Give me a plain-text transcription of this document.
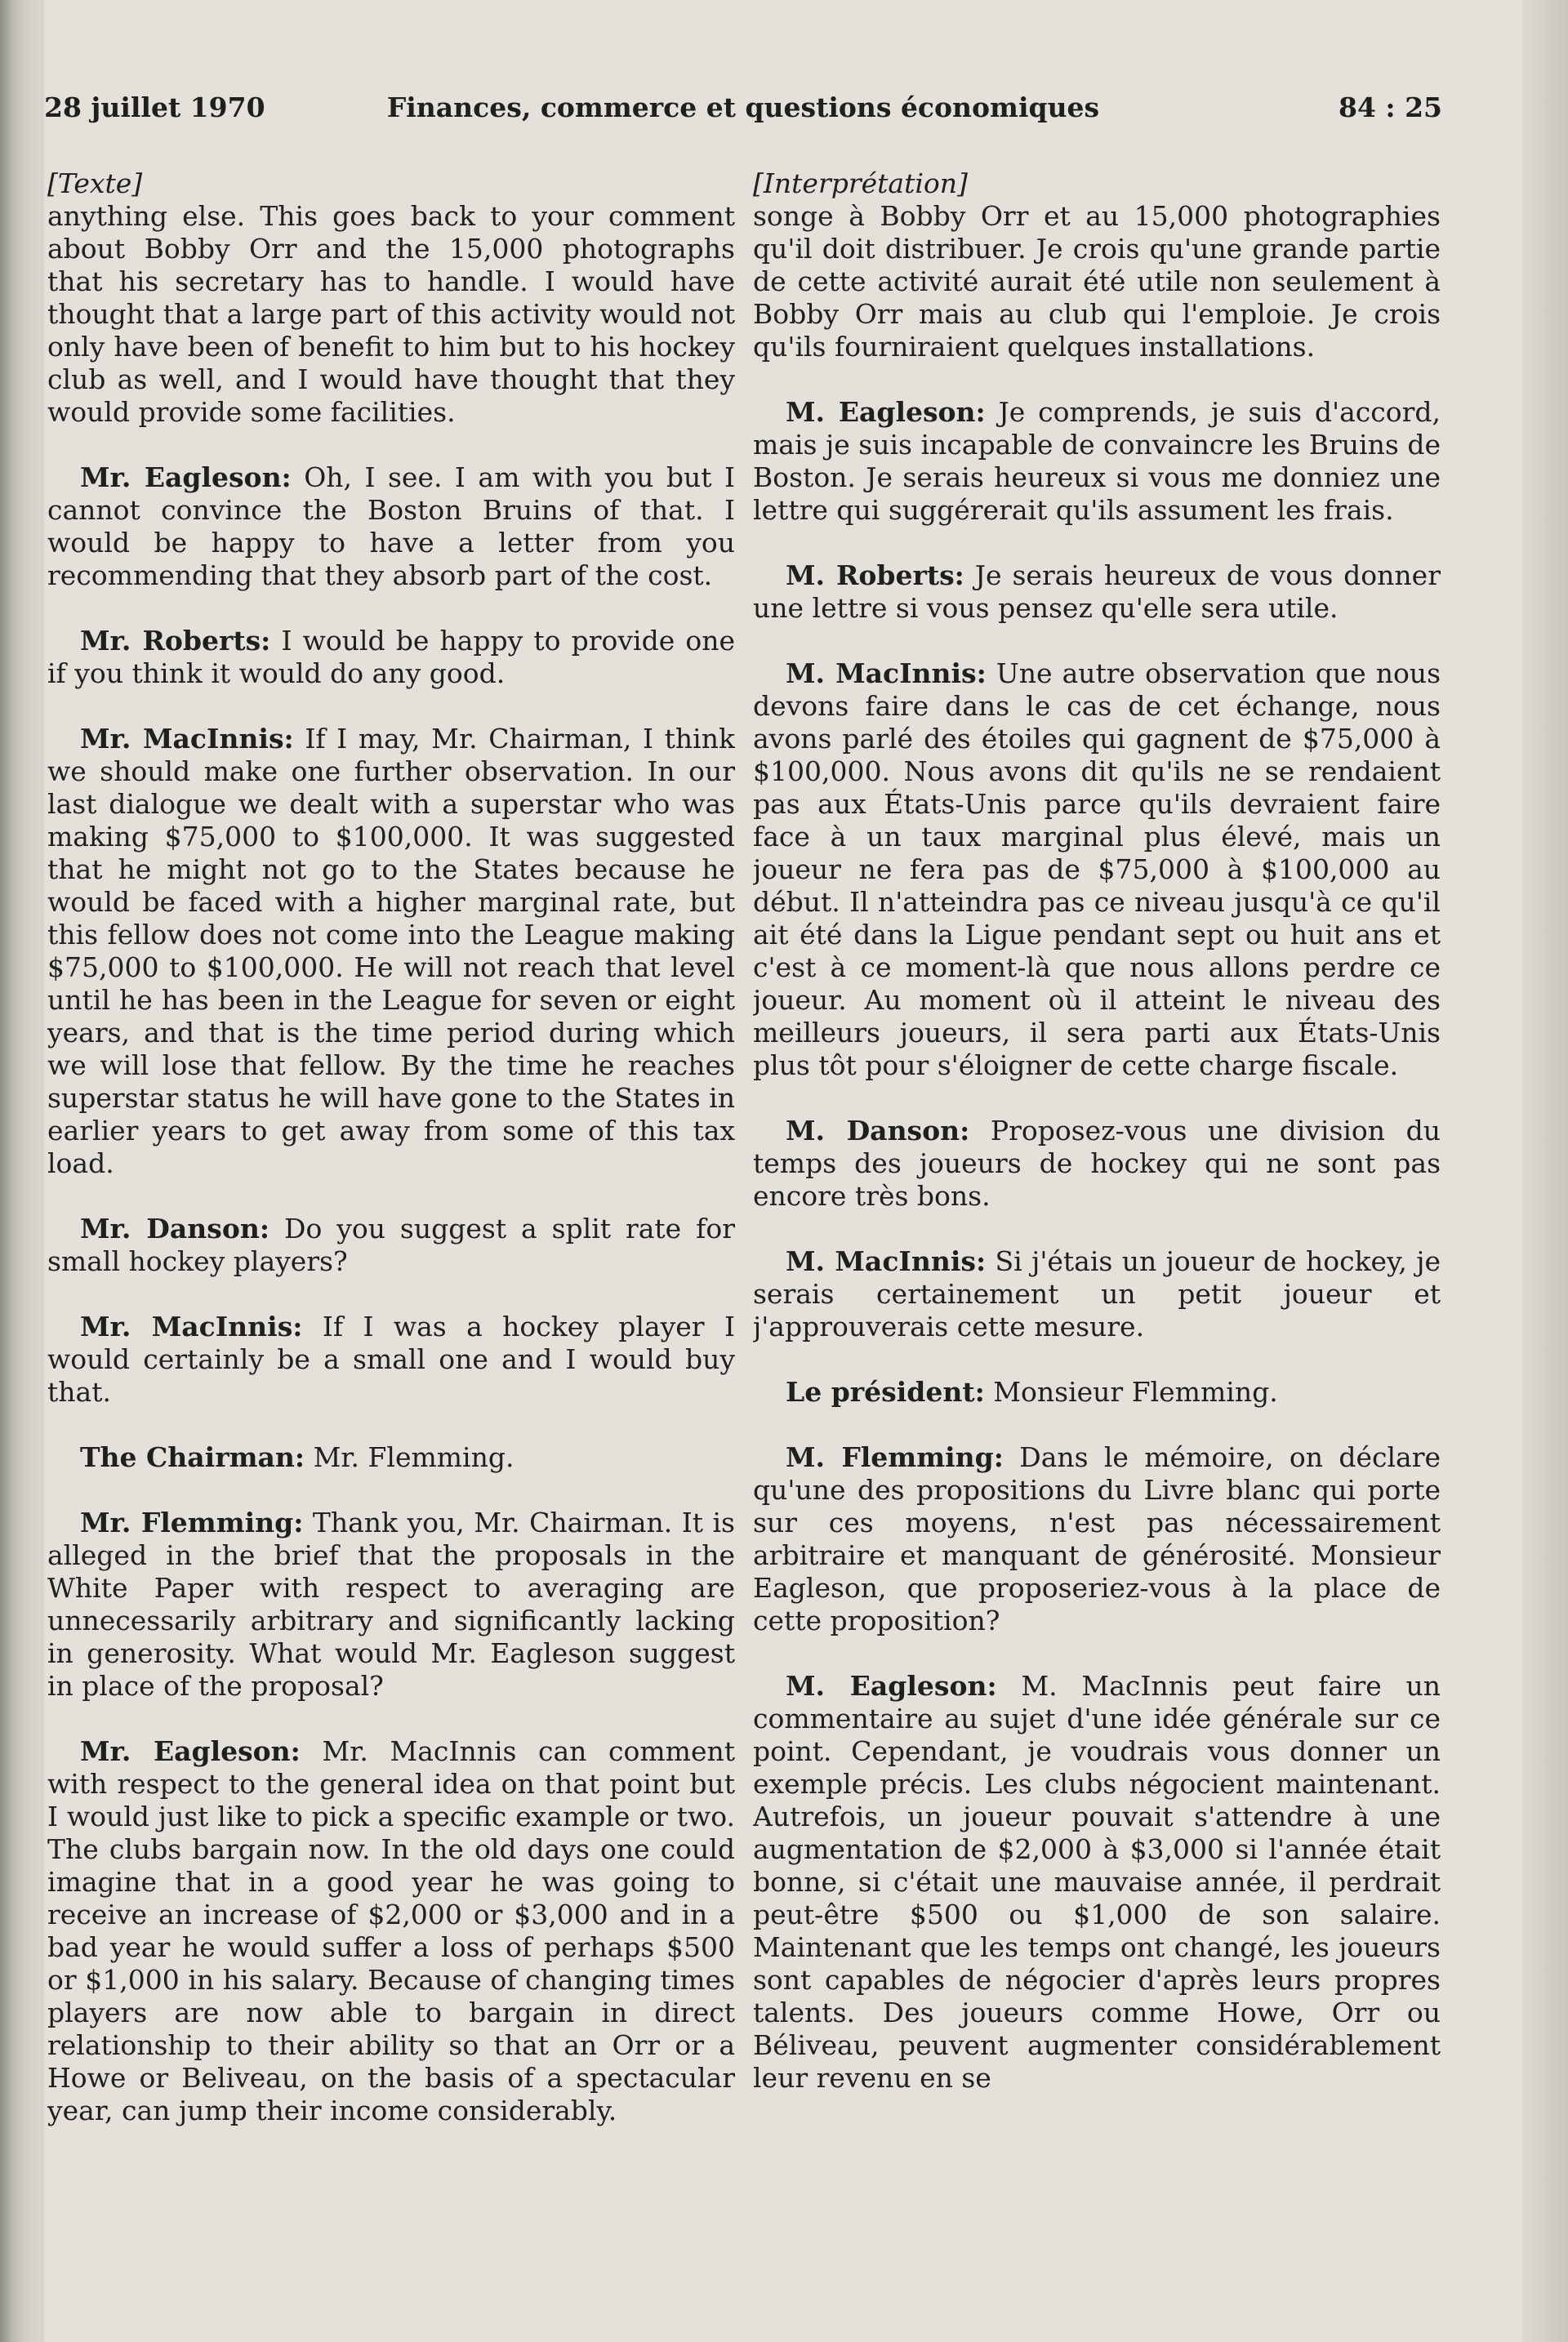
28 juillet 1970	Finances, commerce et questions économiques	84 : 25

[Texte]

anything else. This goes back to your comment about Bobby Orr and the 15,000 photographs that his secretary has to handle. I would have thought that a large part of this activity would not only have been of benefit to him but to his hockey club as well, and I would have thought that they would provide some facilities.

Mr. Eagleson: Oh, I see. I am with you but I cannot convince the Boston Bruins of that. I would be happy to have a letter from you recommending that they absorb part of the cost.

Mr. Roberts: I would be happy to provide one if you think it would do any good.

Mr. MacInnis: If I may, Mr. Chairman, I think we should make one further observation. In our last dialogue we dealt with a superstar who was making $75,000 to $100,000. It was suggested that he might not go to the States because he would be faced with a higher marginal rate, but this fellow does not come into the League making $75,000 to $100,000. He will not reach that level until he has been in the League for seven or eight years, and that is the time period during which we will lose that fellow. By the time he reaches superstar status he will have gone to the States in earlier years to get away from some of this tax load.

Mr. Danson: Do you suggest a split rate for small hockey players?

Mr. MacInnis: If I was a hockey player I would certainly be a small one and I would buy that.

The Chairman: Mr. Flemming.

Mr. Flemming: Thank you, Mr. Chairman. It is alleged in the brief that the proposals in the White Paper with respect to averaging are unnecessarily arbitrary and significantly lacking in generosity. What would Mr. Eagleson suggest in place of the proposal?

Mr. Eagleson: Mr. MacInnis can comment with respect to the general idea on that point but I would just like to pick a specific example or two. The clubs bargain now. In the old days one could imagine that in a good year he was going to receive an increase of $2,000 or $3,000 and in a bad year he would suffer a loss of perhaps $500 or $1,000 in his salary. Because of changing times players are now able to bargain in direct relationship to their ability so that an Orr or a Howe or Beliveau, on the basis of a spectacular year, can jump their income considerably.

[Interprétation]

songe à Bobby Orr et au 15,000 photographies qu'il doit distribuer. Je crois qu'une grande partie de cette activité aurait été utile non seulement à Bobby Orr mais au club qui l'emploie. Je crois qu'ils fourniraient quelques installations.

M. Eagleson: Je comprends, je suis d'accord, mais je suis incapable de convaincre les Bruins de Boston. Je serais heureux si vous me donniez une lettre qui suggérerait qu'ils assument les frais.

M. Roberts: Je serais heureux de vous donner une lettre si vous pensez qu'elle sera utile.

M. MacInnis: Une autre observation que nous devons faire dans le cas de cet échange, nous avons parlé des étoiles qui gagnent de $75,000 à $100,000. Nous avons dit qu'ils ne se rendaient pas aux États-Unis parce qu'ils devraient faire face à un taux marginal plus élevé, mais un joueur ne fera pas de $75,000 à $100,000 au début. Il n'atteindra pas ce niveau jusqu'à ce qu'il ait été dans la Ligue pendant sept ou huit ans et c'est à ce moment-là que nous allons perdre ce joueur. Au moment où il atteint le niveau des meilleurs joueurs, il sera parti aux États-Unis plus tôt pour s'éloigner de cette charge fiscale.

M. Danson: Proposez-vous une division du temps des joueurs de hockey qui ne sont pas encore très bons.

M. MacInnis: Si j'étais un joueur de hockey, je serais certainement un petit joueur et j'approuverais cette mesure.

Le président: Monsieur Flemming.

M. Flemming: Dans le mémoire, on déclare qu'une des propositions du Livre blanc qui porte sur ces moyens, n'est pas nécessairement arbitraire et manquant de générosité. Monsieur Eagleson, que proposeriez-vous à la place de cette proposition?

M. Eagleson: M. MacInnis peut faire un commentaire au sujet d'une idée générale sur ce point. Cependant, je voudrais vous donner un exemple précis. Les clubs négocient maintenant. Autrefois, un joueur pouvait s'attendre à une augmentation de $2,000 à $3,000 si l'année était bonne, si c'était une mauvaise année, il perdrait peut-être $500 ou $1,000 de son salaire. Maintenant que les temps ont changé, les joueurs sont capables de négocier d'après leurs propres talents. Des joueurs comme Howe, Orr ou Béliveau, peuvent augmenter considérablement leur revenu en se
